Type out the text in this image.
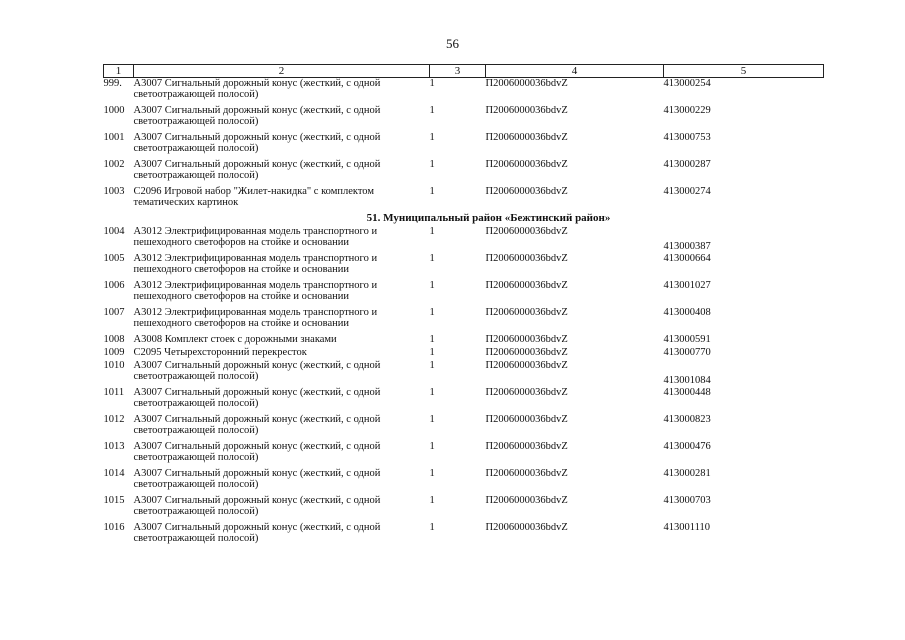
56
1	2	3	4	5
999.	А3007 Сигнальный дорожный конус (жесткий, с одной светоотражающей полосой)	1	П2006000036bdvZ	413000254
1000	А3007 Сигнальный дорожный конус (жесткий, с одной светоотражающей полосой)	1	П2006000036bdvZ	413000229
1001	А3007 Сигнальный дорожный конус (жесткий, с одной светоотражающей полосой)	1	П2006000036bdvZ	413000753
1002	А3007 Сигнальный дорожный конус (жесткий, с одной светоотражающей полосой)	1	П2006000036bdvZ	413000287
1003	С2096 Игровой набор "Жилет-накидка" с комплектом тематических картинок	1	П2006000036bdvZ	413000274
51. Муниципальный район «Бежтинский район»				
1004	А3012 Электрифицированная модель транспортного и пешеходного светофоров на стойке и основании	1	П2006000036bdvZ	413000387
1005	А3012 Электрифицированная модель транспортного и пешеходного светофоров на стойке и основании	1	П2006000036bdvZ	413000664
1006	А3012 Электрифицированная модель транспортного и пешеходного светофоров на стойке и основании	1	П2006000036bdvZ	413001027
1007	А3012 Электрифицированная модель транспортного и пешеходного светофоров на стойке и основании	1	П2006000036bdvZ	413000408
1008	А3008 Комплект стоек с дорожными знаками	1	П2006000036bdvZ	413000591
1009	С2095 Четырехсторонний перекресток	1	П2006000036bdvZ	413000770
1010	А3007 Сигнальный дорожный конус (жесткий, с одной светоотражающей полосой)	1	П2006000036bdvZ	413001084
1011	А3007 Сигнальный дорожный конус (жесткий, с одной светоотражающей полосой)	1	П2006000036bdvZ	413000448
1012	А3007 Сигнальный дорожный конус (жесткий, с одной светоотражающей полосой)	1	П2006000036bdvZ	413000823
1013	А3007 Сигнальный дорожный конус (жесткий, с одной светоотражающей полосой)	1	П2006000036bdvZ	413000476
1014	А3007 Сигнальный дорожный конус (жесткий, с одной светоотражающей полосой)	1	П2006000036bdvZ	413000281
1015	А3007 Сигнальный дорожный конус (жесткий, с одной светоотражающей полосой)	1	П2006000036bdvZ	413000703
1016	А3007 Сигнальный дорожный конус (жесткий, с одной светоотражающей полосой)	1	П2006000036bdvZ	413001110
